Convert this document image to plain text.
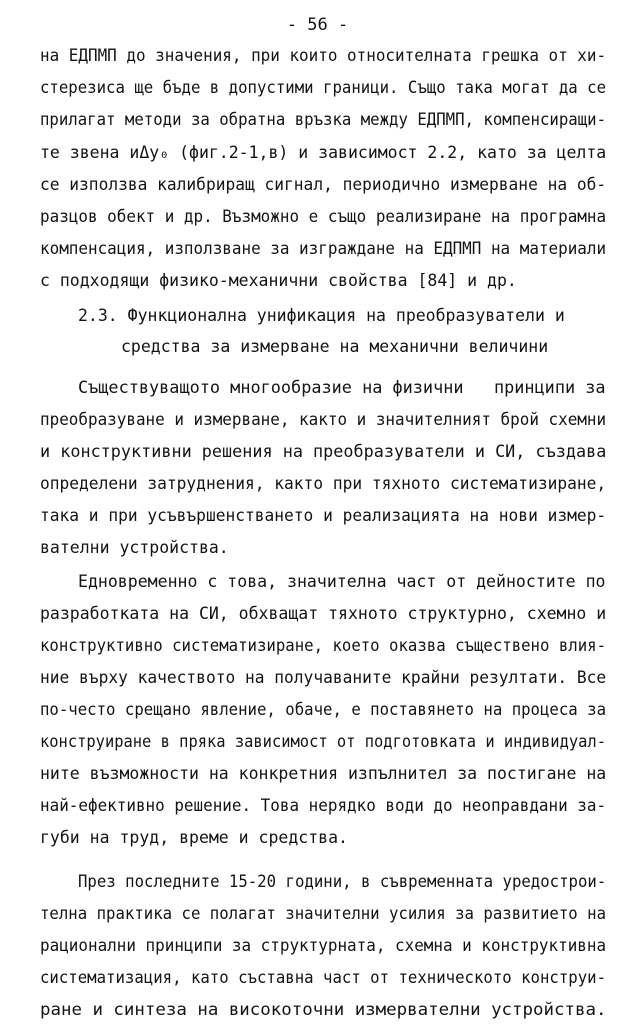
- 56 -
на ЕДПМП до значения, при които относителната грешка от хи-
стерезиса ще бъде в допустими граници. Също така могат да се
прилагат методи за обратна връзка между ЕДПМП, компенсиращи-
те звена иΔy₀ (фиг.2-1,в) и зависимост 2.2, като за целта
се използва калибриращ сигнал, периодично измерване на об-
разцов обект и др. Възможно е също реализиране на програмна
компенсация, използване за изграждане на ЕДПМП на материали
с подходящи физико-механични свойства [84] и др.
2.3. Функционална унификация на преобразуватели и
средства за измерване на механични величини
Съществуващото многообразие на физични   принципи за
преобразуване и измерване, както и значителният брой схемни
и конструктивни решения на преобразуватели и СИ, създава
определени затруднения, както при тяхното систематизиране,
така и при усъвършенстването и реализацията на нови измер-
вателни устройства.
Едновременно с това, значителна част от дейностите по
разработката на СИ, обхващат тяхното структурно, схемно и
конструктивно систематизиране, което оказва съществено влия-
ние върху качеството на получаваните крайни резултати. Все
по-често срещано явление, обаче, е поставянето на процеса за
конструиране в пряка зависимост от подготовката и индивидуал-
ните възможности на конкретния изпълнител за постигане на
най-ефективно решение. Това нерядко води до неоправдани за-
губи на труд, време и средства.
През последните 15-20 години, в съвременната уредострои-
телна практика се полагат значителни усилия за развитието на
рационални принципи за структурната, схемна и конструктивна
систематизация, като съставна част от техническото конструи-
ране и синтеза на високоточни измервателни устройства.
